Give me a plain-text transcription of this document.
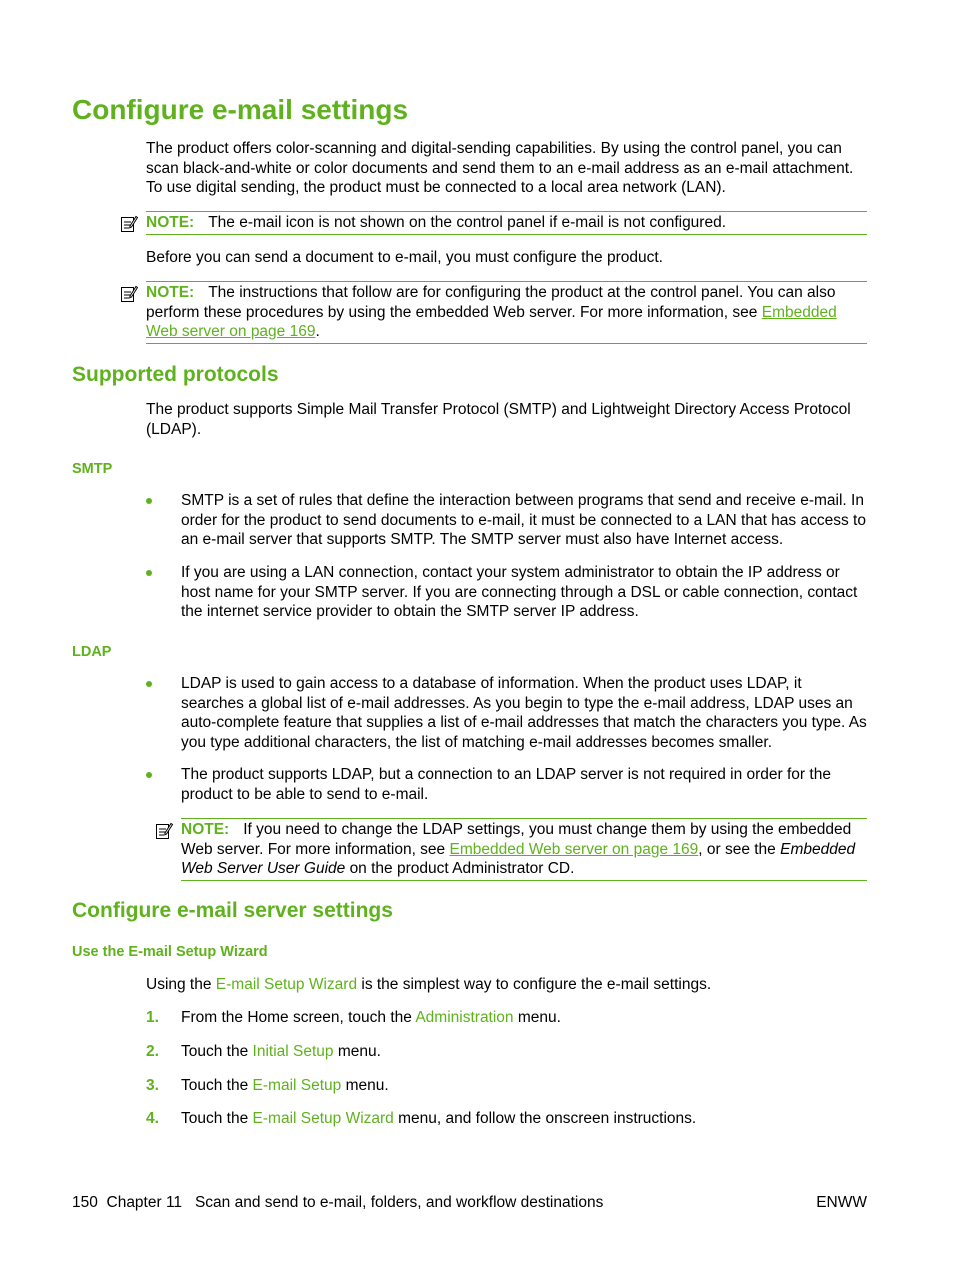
Configure e-mail settings

The product offers color-scanning and digital-sending capabilities. By using the control panel, you can scan black-and-white or color documents and send them to an e-mail address as an e-mail attachment. To use digital sending, the product must be connected to a local area network (LAN).

NOTE: The e-mail icon is not shown on the control panel if e-mail is not configured.

Before you can send a document to e-mail, you must configure the product.

NOTE: The instructions that follow are for configuring the product at the control panel. You can also perform these procedures by using the embedded Web server. For more information, see Embedded Web server on page 169.
Supported protocols

The product supports Simple Mail Transfer Protocol (SMTP) and Lightweight Directory Access Protocol (LDAP).

SMTP

SMTP is a set of rules that define the interaction between programs that send and receive e-mail. In order for the product to send documents to e-mail, it must be connected to a LAN that has access to an e-mail server that supports SMTP. The SMTP server must also have Internet access.

If you are using a LAN connection, contact your system administrator to obtain the IP address or host name for your SMTP server. If you are connecting through a DSL or cable connection, contact the internet service provider to obtain the SMTP server IP address.

LDAP

LDAP is used to gain access to a database of information. When the product uses LDAP, it searches a global list of e-mail addresses. As you begin to type the e-mail address, LDAP uses an auto-complete feature that supplies a list of e-mail addresses that match the characters you type. As you type additional characters, the list of matching e-mail addresses becomes smaller.

The product supports LDAP, but a connection to an LDAP server is not required in order for the product to be able to send to e-mail.

NOTE: If you need to change the LDAP settings, you must change them by using the embedded Web server. For more information, see Embedded Web server on page 169, or see the Embedded Web Server User Guide on the product Administrator CD.
Configure e-mail server settings
Use the E-mail Setup Wizard

Using the E-mail Setup Wizard is the simplest way to configure the e-mail settings.

1. From the Home screen, touch the Administration menu.

2. Touch the Initial Setup menu.

3. Touch the E-mail Setup menu.

4. Touch the E-mail Setup Wizard menu, and follow the onscreen instructions.

150 Chapter 11 Scan and send to e-mail, folders, and workflow destinations	ENWW
